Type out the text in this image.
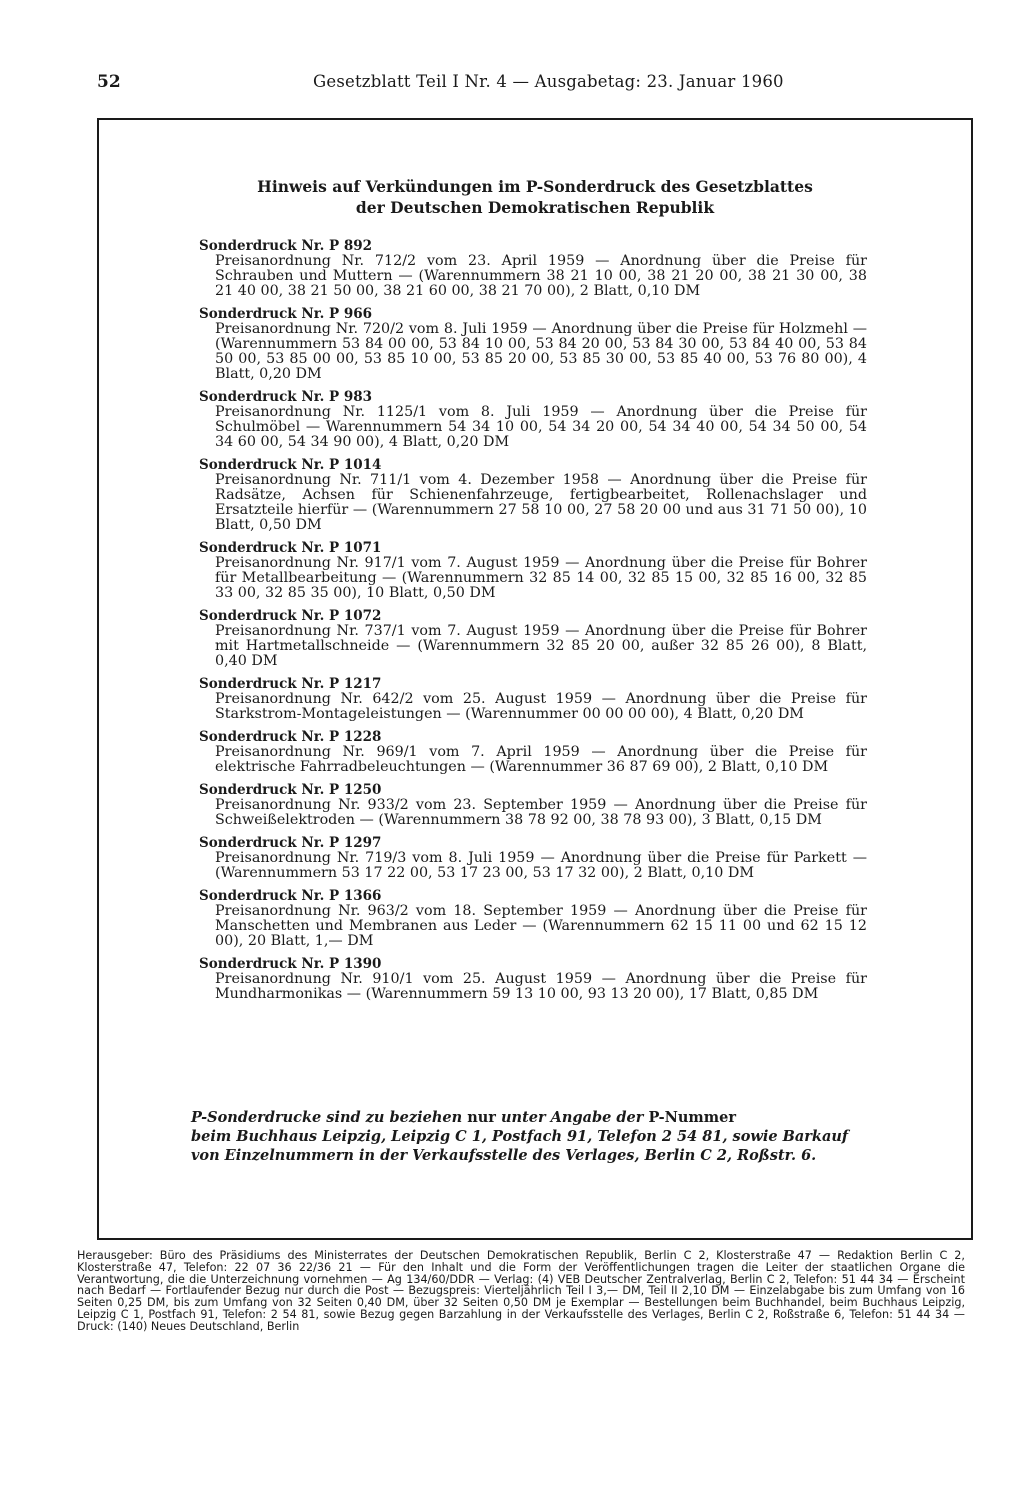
52	Gesetzblatt Teil I Nr. 4 — Ausgabetag: 23. Januar 1960
Hinweis auf Verkündungen im P-Sonderdruck des Gesetzblattes
der Deutschen Demokratischen Republik
Sonderdruck Nr. P 892
Preisanordnung Nr. 712/2 vom 23. April 1959 — Anordnung über die Preise für Schrauben und Muttern — (Warennummern 38 21 10 00, 38 21 20 00, 38 21 30 00, 38 21 40 00, 38 21 50 00, 38 21 60 00, 38 21 70 00), 2 Blatt, 0,10 DM
Sonderdruck Nr. P 966
Preisanordnung Nr. 720/2 vom 8. Juli 1959 — Anordnung über die Preise für Holzmehl — (Warennummern 53 84 00 00, 53 84 10 00, 53 84 20 00, 53 84 30 00, 53 84 40 00, 53 84 50 00, 53 85 00 00, 53 85 10 00, 53 85 20 00, 53 85 30 00, 53 85 40 00, 53 76 80 00), 4 Blatt, 0,20 DM
Sonderdruck Nr. P 983
Preisanordnung Nr. 1125/1 vom 8. Juli 1959 — Anordnung über die Preise für Schulmöbel — Warennummern 54 34 10 00, 54 34 20 00, 54 34 40 00, 54 34 50 00, 54 34 60 00, 54 34 90 00), 4 Blatt, 0,20 DM
Sonderdruck Nr. P 1014
Preisanordnung Nr. 711/1 vom 4. Dezember 1958 — Anordnung über die Preise für Radsätze, Achsen für Schienenfahrzeuge, fertigbearbeitet, Rollenachslager und Ersatzteile hierfür — (Warennummern 27 58 10 00, 27 58 20 00 und aus 31 71 50 00), 10 Blatt, 0,50 DM
Sonderdruck Nr. P 1071
Preisanordnung Nr. 917/1 vom 7. August 1959 — Anordnung über die Preise für Bohrer für Metallbearbeitung — (Warennummern 32 85 14 00, 32 85 15 00, 32 85 16 00, 32 85 33 00, 32 85 35 00), 10 Blatt, 0,50 DM
Sonderdruck Nr. P 1072
Preisanordnung Nr. 737/1 vom 7. August 1959 — Anordnung über die Preise für Bohrer mit Hartmetallschneide — (Warennummern 32 85 20 00, außer 32 85 26 00), 8 Blatt, 0,40 DM
Sonderdruck Nr. P 1217
Preisanordnung Nr. 642/2 vom 25. August 1959 — Anordnung über die Preise für Starkstrom-Montageleistungen — (Warennummer 00 00 00 00), 4 Blatt, 0,20 DM
Sonderdruck Nr. P 1228
Preisanordnung Nr. 969/1 vom 7. April 1959 — Anordnung über die Preise für elektrische Fahrradbeleuchtungen — (Warennummer 36 87 69 00), 2 Blatt, 0,10 DM
Sonderdruck Nr. P 1250
Preisanordnung Nr. 933/2 vom 23. September 1959 — Anordnung über die Preise für Schweißelektroden — (Warennummern 38 78 92 00, 38 78 93 00), 3 Blatt, 0,15 DM
Sonderdruck Nr. P 1297
Preisanordnung Nr. 719/3 vom 8. Juli 1959 — Anordnung über die Preise für Parkett — (Warennummern 53 17 22 00, 53 17 23 00, 53 17 32 00), 2 Blatt, 0,10 DM
Sonderdruck Nr. P 1366
Preisanordnung Nr. 963/2 vom 18. September 1959 — Anordnung über die Preise für Manschetten und Membranen aus Leder — (Warennummern 62 15 11 00 und 62 15 12 00), 20 Blatt, 1,— DM
Sonderdruck Nr. P 1390
Preisanordnung Nr. 910/1 vom 25. August 1959 — Anordnung über die Preise für Mundharmonikas — (Warennummern 59 13 10 00, 93 13 20 00), 17 Blatt, 0,85 DM
P-Sonderdrucke sind zu beziehen nur unter Angabe der P-Nummer
beim Buchhaus Leipzig, Leipzig C 1, Postfach 91, Telefon 2 54 81, sowie Barkauf von Einzelnummern in der Verkaufsstelle des Verlages, Berlin C 2, Roßstr. 6.
Herausgeber: Büro des Präsidiums des Ministerrates der Deutschen Demokratischen Republik, Berlin C 2, Klosterstraße 47 — Redaktion Berlin C 2, Klosterstraße 47, Telefon: 22 07 36 22/36 21 — Für den Inhalt und die Form der Veröffentlichungen tragen die Leiter der staatlichen Organe die Verantwortung, die die Unterzeichnung vornehmen — Ag 134/60/DDR — Verlag: (4) VEB Deutscher Zentralverlag, Berlin C 2, Telefon: 51 44 34 — Erscheint nach Bedarf — Fortlaufender Bezug nur durch die Post — Bezugspreis: Vierteljährlich Teil I 3,— DM, Teil II 2,10 DM — Einzelabgabe bis zum Umfang von 16 Seiten 0,25 DM, bis zum Umfang von 32 Seiten 0,40 DM, über 32 Seiten 0,50 DM je Exemplar — Bestellungen beim Buchhandel, beim Buchhaus Leipzig, Leipzig C 1, Postfach 91, Telefon: 2 54 81, sowie Bezug gegen Barzahlung in der Verkaufsstelle des Verlages, Berlin C 2, Roßstraße 6, Telefon: 51 44 34 — Druck: (140) Neues Deutschland, Berlin
